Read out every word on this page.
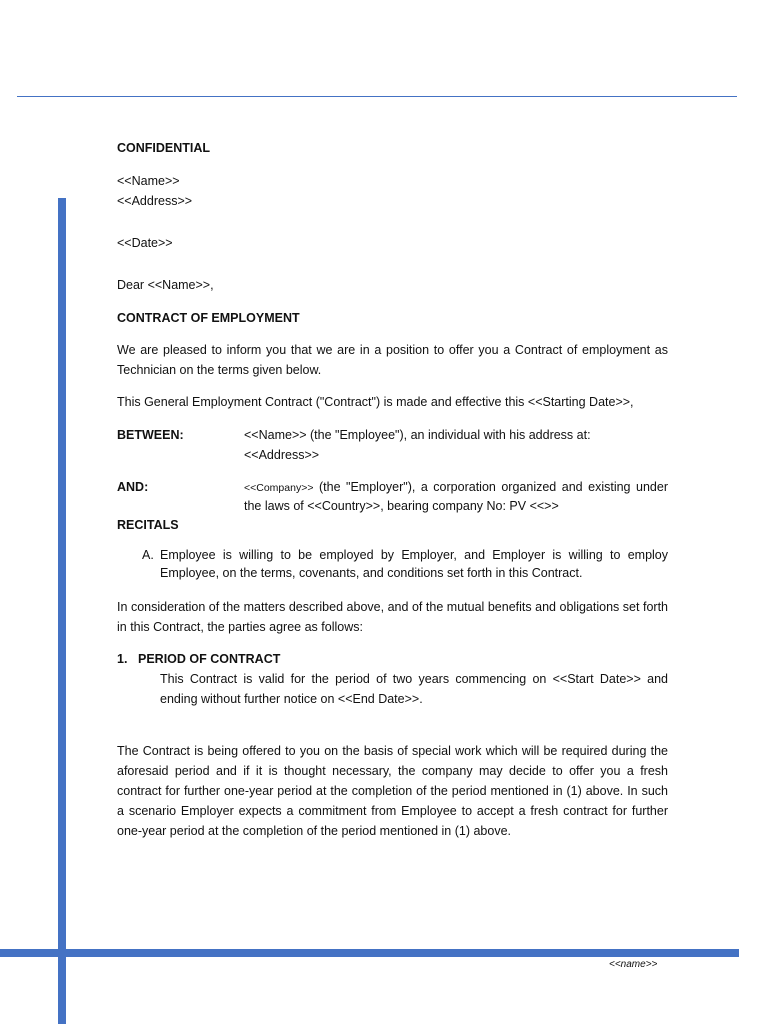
<<name>>

CONFIDENTIAL

<<Name>>

<<Address>>

<<Date>>

Dear <<Name>>,

CONTRACT OF EMPLOYMENT

We are pleased to inform you that we are in a position to offer you a Contract of employment as Technician on the terms given below.

This General Employment Contract ("Contract") is made and effective this <<Starting Date>>,

BETWEEN:	<<Name>> (the "Employee"), an individual with his address at:

<<Address>>

AND:	<<Company>> (the "Employer"), a corporation organized and existing under the laws of <<Country>>, bearing company No: PV <<>>

RECITALS

A. Employee is willing to be employed by Employer, and Employer is willing to employ Employee, on the terms, covenants, and conditions set forth in this Contract.

In consideration of the matters described above, and of the mutual benefits and obligations set forth in this Contract, the parties agree as follows:

1. PERIOD OF CONTRACT

This Contract is valid for the period of two years commencing on <<Start Date>> and ending without further notice on <<End Date>>.

The Contract is being offered to you on the basis of special work which will be required during the aforesaid period and if it is thought necessary, the company may decide to offer you a fresh contract for further one-year period at the completion of the period mentioned in (1) above. In such a scenario Employer expects a commitment from Employee to accept a fresh contract for further one-year period at the completion of the period mentioned in (1) above.
